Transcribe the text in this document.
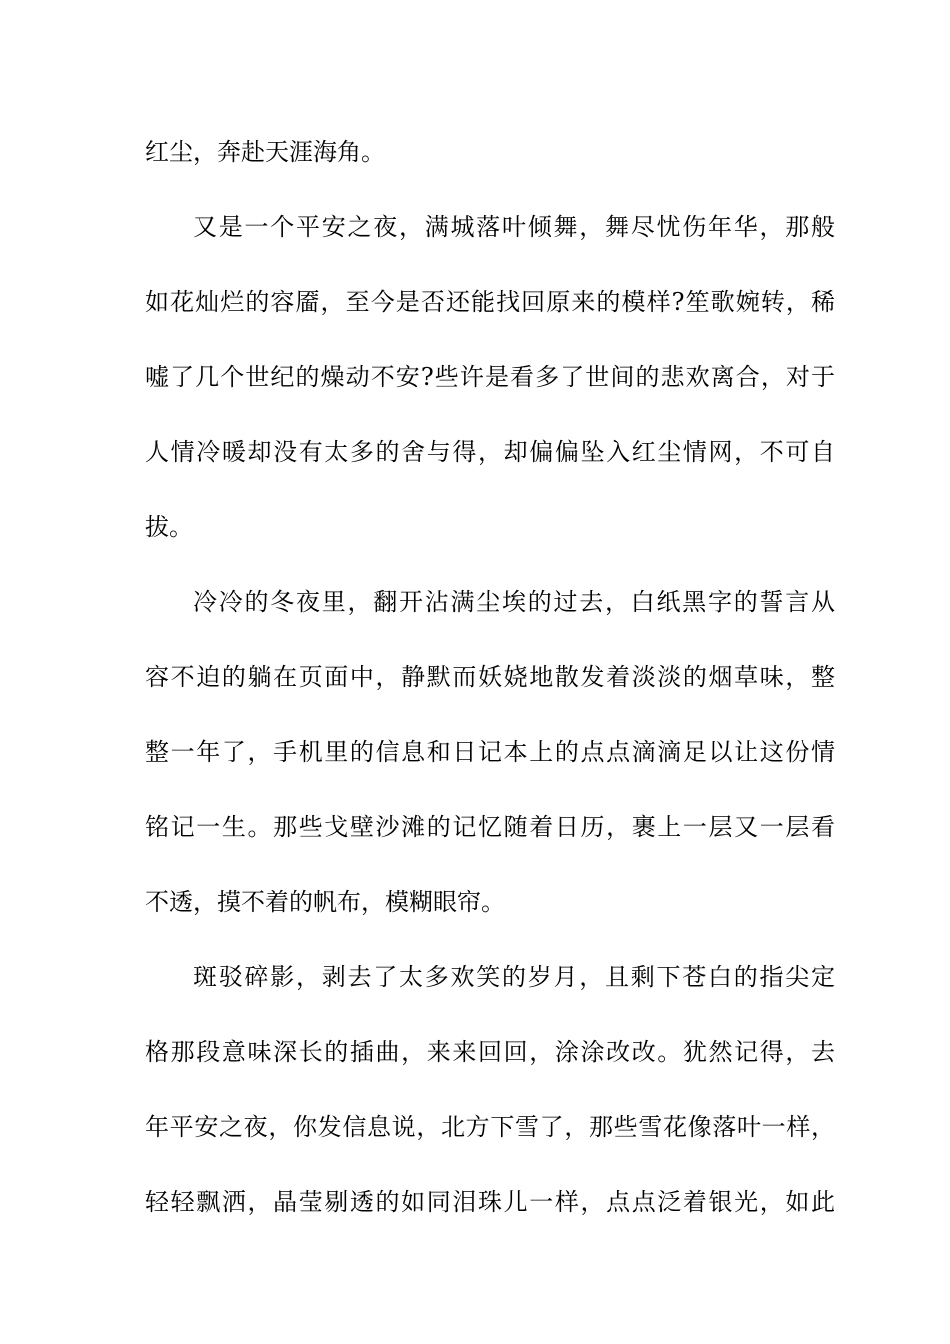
红尘，奔赴天涯海角。

又是一个平安之夜，满城落叶倾舞，舞尽忧伤年华，那般

如花灿烂的容靥，至今是否还能找回原来的模样?笙歌婉转，稀

嘘了几个世纪的燥动不安?些许是看多了世间的悲欢离合，对于

人情冷暖却没有太多的舍与得，却偏偏坠入红尘情网，不可自

拔。

冷冷的冬夜里，翻开沾满尘埃的过去，白纸黑字的誓言从

容不迫的躺在页面中，静默而妖娆地散发着淡淡的烟草味，整

整一年了，手机里的信息和日记本上的点点滴滴足以让这份情

铭记一生。那些戈壁沙滩的记忆随着日历，裹上一层又一层看

不透，摸不着的帆布，模糊眼帘。

斑驳碎影，剥去了太多欢笑的岁月，且剩下苍白的指尖定

格那段意味深长的插曲，来来回回，涂涂改改。犹然记得，去

年平安之夜，你发信息说，北方下雪了，那些雪花像落叶一样，

轻轻飘洒，晶莹剔透的如同泪珠儿一样，点点泛着银光，如此
